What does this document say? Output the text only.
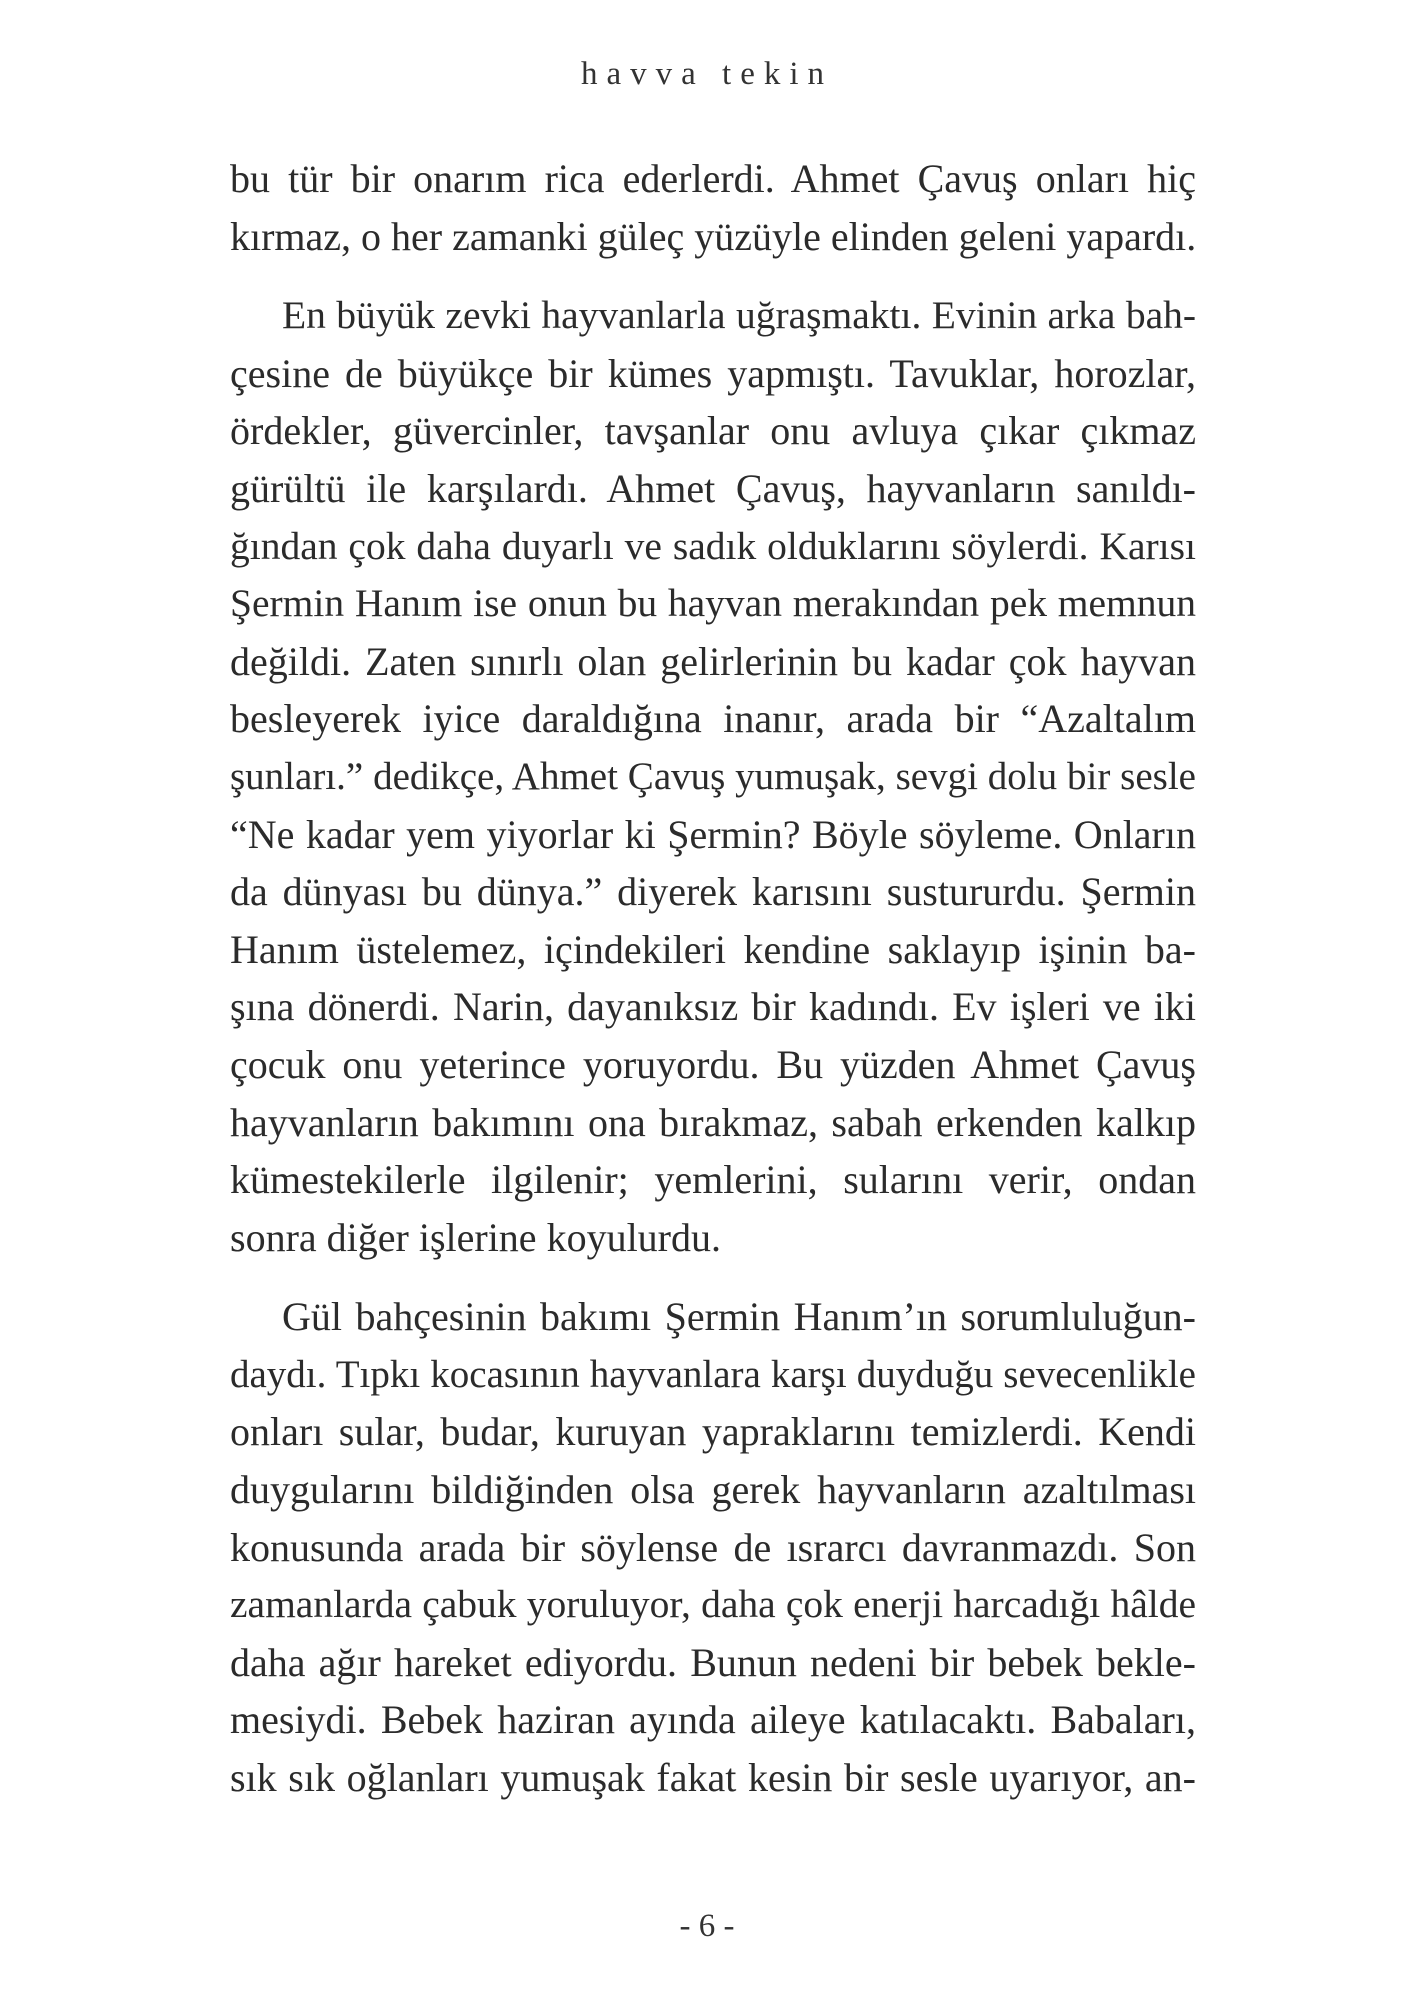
havva tekin

bu tür bir onarım rica ederlerdi. Ahmet Çavuş onları hiç
kırmaz, o her zamanki güleç yüzüyle elinden geleni yapardı.

En büyük zevki hayvanlarla uğraşmaktı. Evinin arka bah-
çesine de büyükçe bir kümes yapmıştı. Tavuklar, horozlar,
ördekler, güvercinler, tavşanlar onu avluya çıkar çıkmaz
gürültü ile karşılardı. Ahmet Çavuş, hayvanların sanıldı-
ğından çok daha duyarlı ve sadık olduklarını söylerdi. Karısı
Şermin Hanım ise onun bu hayvan merakından pek memnun
değildi. Zaten sınırlı olan gelirlerinin bu kadar çok hayvan
besleyerek iyice daraldığına inanır, arada bir “Azaltalım
şunları.” dedikçe, Ahmet Çavuş yumuşak, sevgi dolu bir sesle
“Ne kadar yem yiyorlar ki Şermin? Böyle söyleme. Onların
da dünyası bu dünya.” diyerek karısını sustururdu. Şermin
Hanım üstelemez, içindekileri kendine saklayıp işinin ba-
şına dönerdi. Narin, dayanıksız bir kadındı. Ev işleri ve iki
çocuk onu yeterince yoruyordu. Bu yüzden Ahmet Çavuş
hayvanların bakımını ona bırakmaz, sabah erkenden kalkıp
kümestekilerle ilgilenir; yemlerini, sularını verir, ondan
sonra diğer işlerine koyulurdu.

Gül bahçesinin bakımı Şermin Hanım’ın sorumluluğun-
daydı. Tıpkı kocasının hayvanlara karşı duyduğu sevecenlikle
onları sular, budar, kuruyan yapraklarını temizlerdi. Kendi
duygularını bildiğinden olsa gerek hayvanların azaltılması
konusunda arada bir söylense de ısrarcı davranmazdı. Son
zamanlarda çabuk yoruluyor, daha çok enerji harcadığı hâlde
daha ağır hareket ediyordu. Bunun nedeni bir bebek bekle-
mesiydi. Bebek haziran ayında aileye katılacaktı. Babaları,
sık sık oğlanları yumuşak fakat kesin bir sesle uyarıyor, an-

- 6 -
